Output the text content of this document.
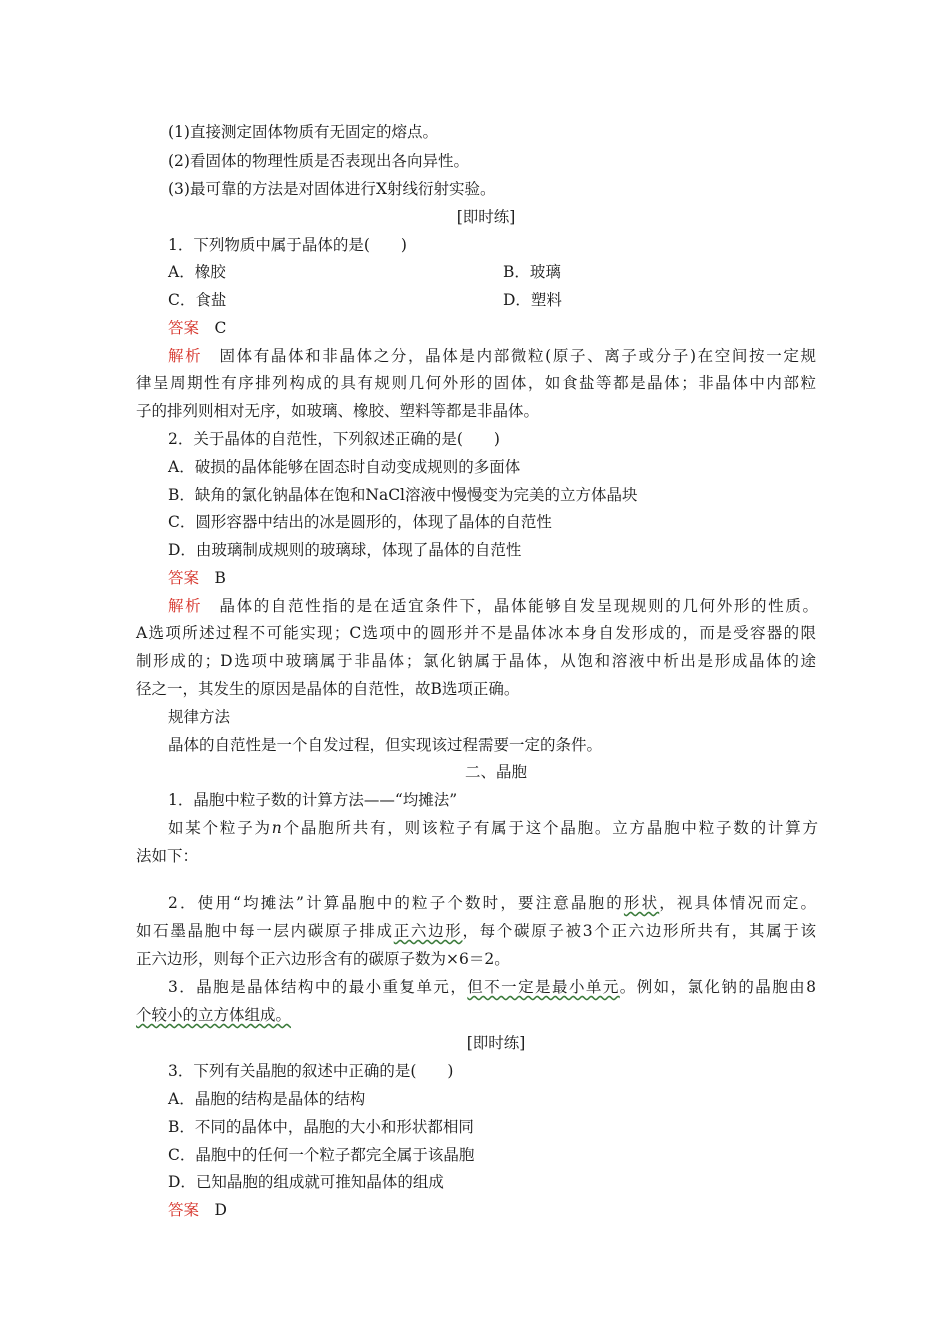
(1)直接测定固体物质有无固定的熔点。
(2)看固体的物理性质是否表现出各向异性。
(3)最可靠的方法是对固体进行X射线衍射实验。
[即时练]
1．下列物质中属于晶体的是(　　)
A．橡胶	B．玻璃
C．食盐	D．塑料
答案　 C
解析　 固体有晶体和非晶体之分，晶体是内部微粒(原子、离子或分子)在空间按一定规
律呈周期性有序排列构成的具有规则几何外形的固体，如食盐等都是晶体；非晶体中内部粒
子的排列则相对无序，如玻璃、橡胶、塑料等都是非晶体。
2．关于晶体的自范性，下列叙述正确的是(　　)
A．破损的晶体能够在固态时自动变成规则的多面体
B．缺角的氯化钠晶体在饱和NaCl溶液中慢慢变为完美的立方体晶块
C．圆形容器中结出的冰是圆形的，体现了晶体的自范性
D．由玻璃制成规则的玻璃球，体现了晶体的自范性
答案　 B
解析　 晶体的自范性指的是在适宜条件下，晶体能够自发呈现规则的几何外形的性质。
A选项所述过程不可能实现；C选项中的圆形并不是晶体冰本身自发形成的，而是受容器的限
制形成的；D选项中玻璃属于非晶体；氯化钠属于晶体，从饱和溶液中析出是形成晶体的途
径之一，其发生的原因是晶体的自范性，故B选项正确。
规律方法
晶体的自范性是一个自发过程，但实现该过程需要一定的条件。
二、晶胞
1．晶胞中粒子数的计算方法——“均摊法”
如某个粒子为n个晶胞所共有，则该粒子有属于这个晶胞。立方晶胞中粒子数的计算方
法如下：
2．使用“均摊法”计算晶胞中的粒子个数时，要注意晶胞的形状，视具体情况而定。
如石墨晶胞中每一层内碳原子排成正六边形，每个碳原子被3个正六边形所共有，其属于该
正六边形，则每个正六边形含有的碳原子数为×6＝2。
3．晶胞是晶体结构中的最小重复单元，但不一定是最小单元。例如，氯化钠的晶胞由8
个较小的立方体组成。
[即时练]
3．下列有关晶胞的叙述中正确的是(　　)
A．晶胞的结构是晶体的结构
B．不同的晶体中，晶胞的大小和形状都相同
C．晶胞中的任何一个粒子都完全属于该晶胞
D．已知晶胞的组成就可推知晶体的组成
答案　 D
